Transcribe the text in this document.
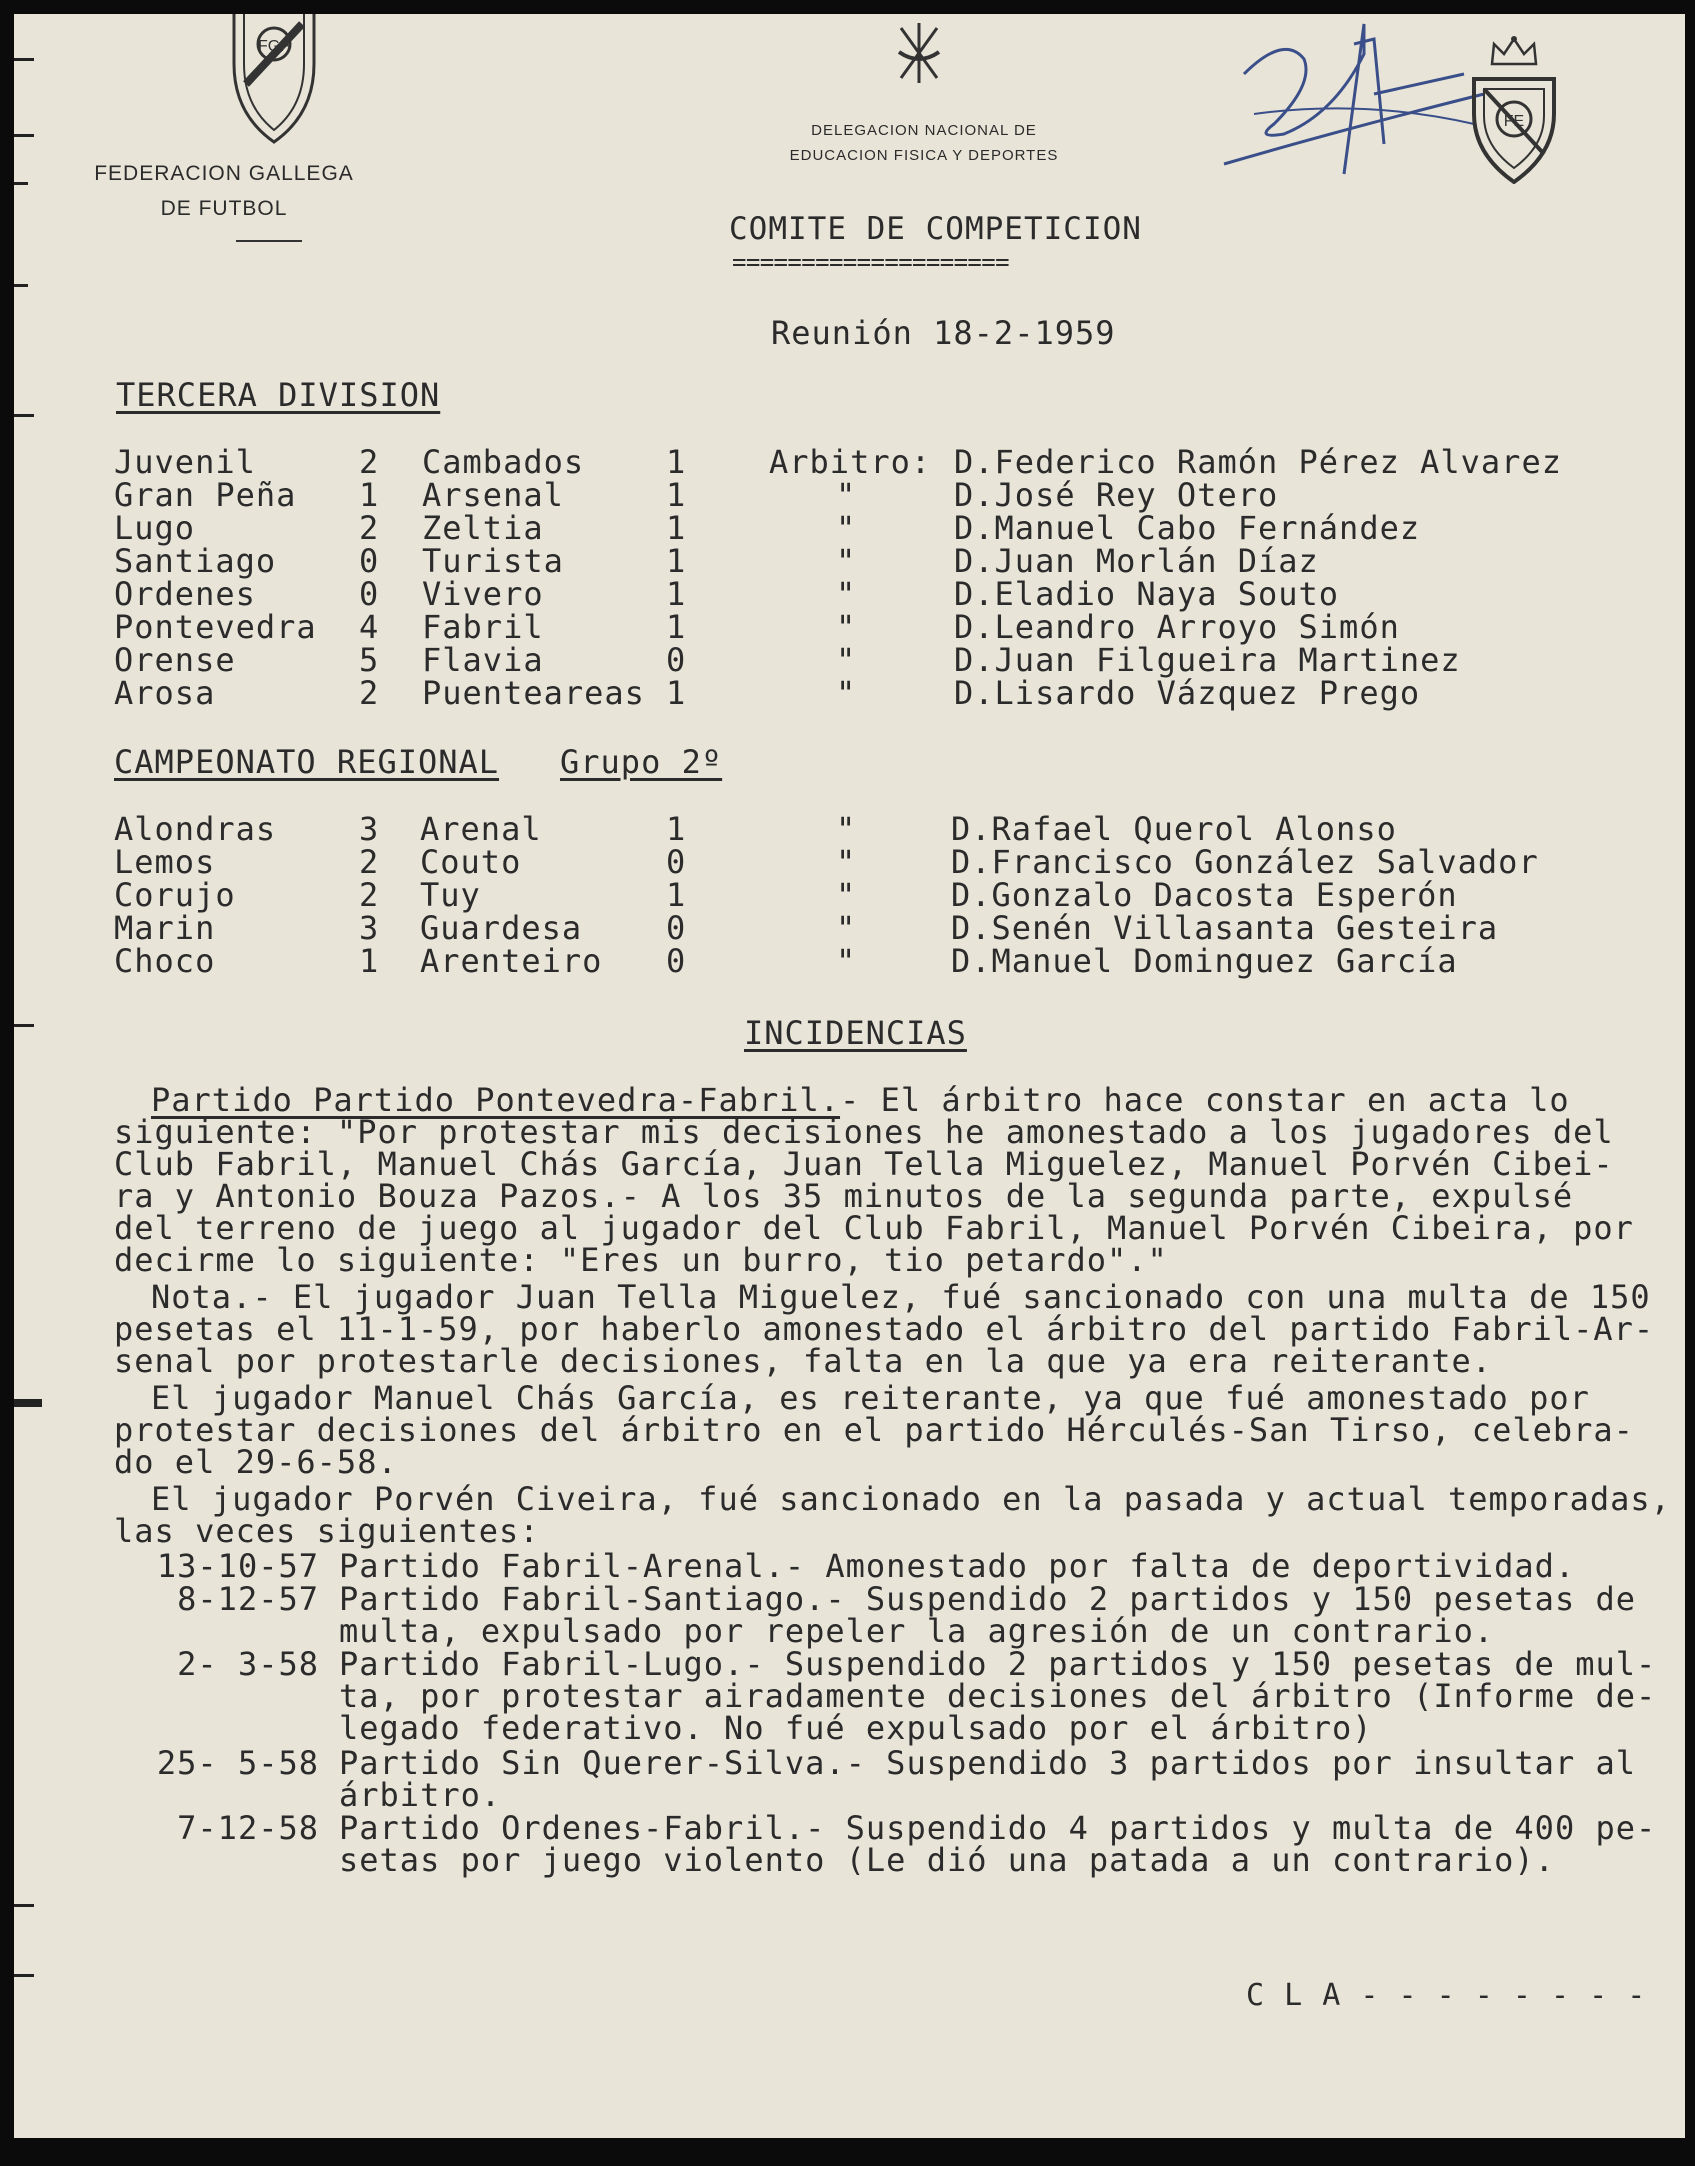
FGF
FE
FEDERACION GALLEGA
DE FUTBOL
DELEGACION NACIONAL DE
EDUCACION FISICA Y DEPORTES
COMITE DE COMPETICION
====================
Reunión 18-2-1959
TERCERA DIVISION
Juvenil	2 Cambados	1	Arbitro: D.Federico Ramón Pérez Alvarez
Gran Peña 1 Arsenal	1	"	D.José Rey Otero
Lugo	2 Zeltia	1	"	D.Manuel Cabo Fernández
Santiago	0 Turista	1	"	D.Juan Morlán Díaz
Ordenes	0 Vivero	1	"	D.Eladio Naya Souto
Pontevedra 4 Fabril	1	"	D.Leandro Arroyo Simón
Orense	5 Flavia	0	"	D.Juan Filgueira Martinez
Arosa	2 Puenteareas 1	"	D.Lisardo Vázquez Prego
CAMPEONATO REGIONAL Grupo 2º
Alondras	3 Arenal	1	"	D.Rafael Querol Alonso
Lemos	2 Couto	0	"	D.Francisco González Salvador
Corujo	2 Tuy	1	"	D.Gonzalo Dacosta Esperón
Marin	3 Guardesa	0	"	D.Senén Villasanta Gesteira
Choco	1 Arenteiro 0	"	D.Manuel Dominguez García
INCIDENCIAS
Partido Partido Pontevedra-Fabril.- El árbitro hace constar en acta lo
siguiente: "Por protestar mis decisiones he amonestado a los jugadores del
Club Fabril, Manuel Chás García, Juan Tella Miguelez, Manuel Porvén Cibei-
ra y Antonio Bouza Pazos.- A los 35 minutos de la segunda parte, expulsé
del terreno de juego al jugador del Club Fabril, Manuel Porvén Cibeira, por
decirme lo siguiente: "Eres un burro, tio petardo"."
Nota.- El jugador Juan Tella Miguelez, fué sancionado con una multa de 150
pesetas el 11-1-59, por haberlo amonestado el árbitro del partido Fabril-Ar-
senal por protestarle decisiones, falta en la que ya era reiterante.
El jugador Manuel Chás García, es reiterante, ya que fué amonestado por
protestar decisiones del árbitro en el partido Hérculés-San Tirso, celebra-
do el 29-6-58.
El jugador Porvén Civeira, fué sancionado en la pasada y actual temporadas,
las veces siguientes:
13-10-57 Partido Fabril-Arenal.- Amonestado por falta de deportividad.
8-12-57 Partido Fabril-Santiago.- Suspendido 2 partidos y 150 pesetas de
multa, expulsado por repeler la agresión de un contrario.
2- 3-58 Partido Fabril-Lugo.- Suspendido 2 partidos y 150 pesetas de mul-
ta, por protestar airadamente decisiones del árbitro (Informe de-
legado federativo. No fué expulsado por el árbitro)
25- 5-58 Partido Sin Querer-Silva.- Suspendido 3 partidos por insultar al
árbitro.
7-12-58 Partido Ordenes-Fabril.- Suspendido 4 partidos y multa de 400 pe-
setas por juego violento (Le dió una patada a un contrario).
C L A - - - - - - - -
